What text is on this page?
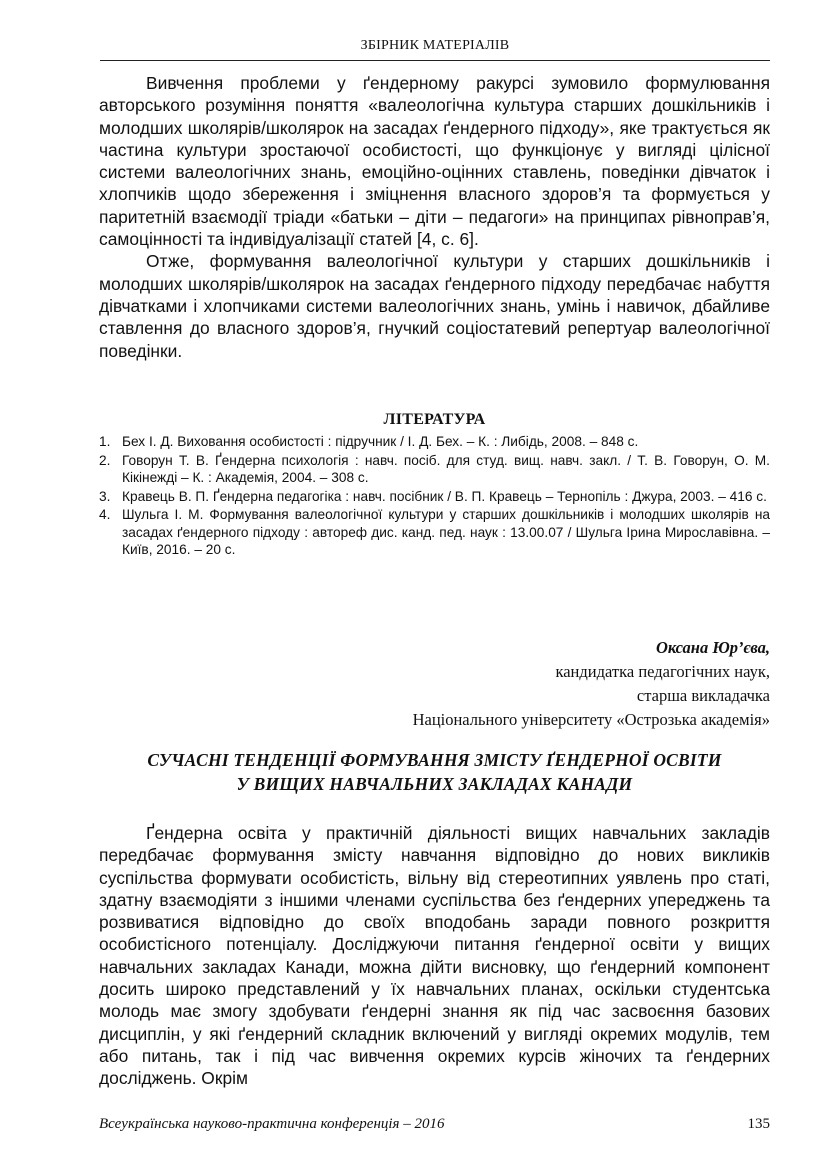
ЗБІРНИК МАТЕРІАЛІВ

Вивчення проблеми у ґендерному ракурсі зумовило формулювання авторського розуміння поняття «валеологічна культура старших дошкільників і молодших школярів/школярок на засадах ґендерного підходу», яке трактується як частина культури зростаючої особистості, що функціонує у вигляді цілісної системи валеологічних знань, емоційно-оцінних ставлень, поведінки дівчаток і хлопчиків щодо збереження і зміцнення власного здоров’я та формується у паритетній взаємодії тріади «батьки – діти – педагоги» на принципах рівноправ’я, самоцінності та індивідуалізації статей [4, с. 6].

Отже, формування валеологічної культури у старших дошкільників і молодших школярів/школярок на засадах ґендерного підходу передбачає набуття дівчатками і хлопчиками системи валеологічних знань, умінь і навичок, дбайливе ставлення до власного здоров’я, гнучкий соціостатевий репертуар валеологічної поведінки.

ЛІТЕРАТУРА
1. Бех І. Д. Виховання особистості : підручник / І. Д. Бех. – К. : Либідь, 2008. – 848 с.
2. Говорун Т. В. Ґендерна психологія : навч. посіб. для студ. вищ. навч. закл. / Т. В. Говорун, О. М. Кікінежді – К. : Академія, 2004. – 308 с.
3. Кравець В. П. Ґендерна педагогіка : навч. посібник / В. П. Кравець – Тернопіль : Джура, 2003. – 416 с.
4. Шульга І. М. Формування валеологічної культури у старших дошкільників і молодших школярів на засадах ґендерного підходу : автореф дис. канд. пед. наук : 13.00.07 / Шульга Ірина Мирославівна. – Київ, 2016. – 20 с.
Оксана Юр’єва,
кандидатка педагогічних наук,
старша викладачка
Національного університету «Острозька академія»
СУЧАСНІ ТЕНДЕНЦІЇ ФОРМУВАННЯ ЗМІСТУ ҐЕНДЕРНОЇ ОСВІТИ
У ВИЩИХ НАВЧАЛЬНИХ ЗАКЛАДАХ КАНАДИ

Ґендерна освіта у практичній діяльності вищих навчальних закладів передбачає формування змісту навчання відповідно до нових викликів суспільства формувати особистість, вільну від стереотипних уявлень про статі, здатну взаємодіяти з іншими членами суспільства без ґендерних упереджень та розвиватися відповідно до своїх вподобань заради повного розкриття особистісного потенціалу. Досліджуючи питання ґендерної освіти у вищих навчальних закладах Канади, можна дійти висновку, що ґендерний компонент досить широко представлений у їх навчальних планах, оскільки студентська молодь має змогу здобувати ґендерні знання як під час засвоєння базових дисциплін, у які ґендерний складник включений у вигляді окремих модулів, тем або питань, так і під час вивчення окремих курсів жіночих та ґендерних досліджень. Окрім

Всеукраїнська науково-практична конференція – 2016	135
